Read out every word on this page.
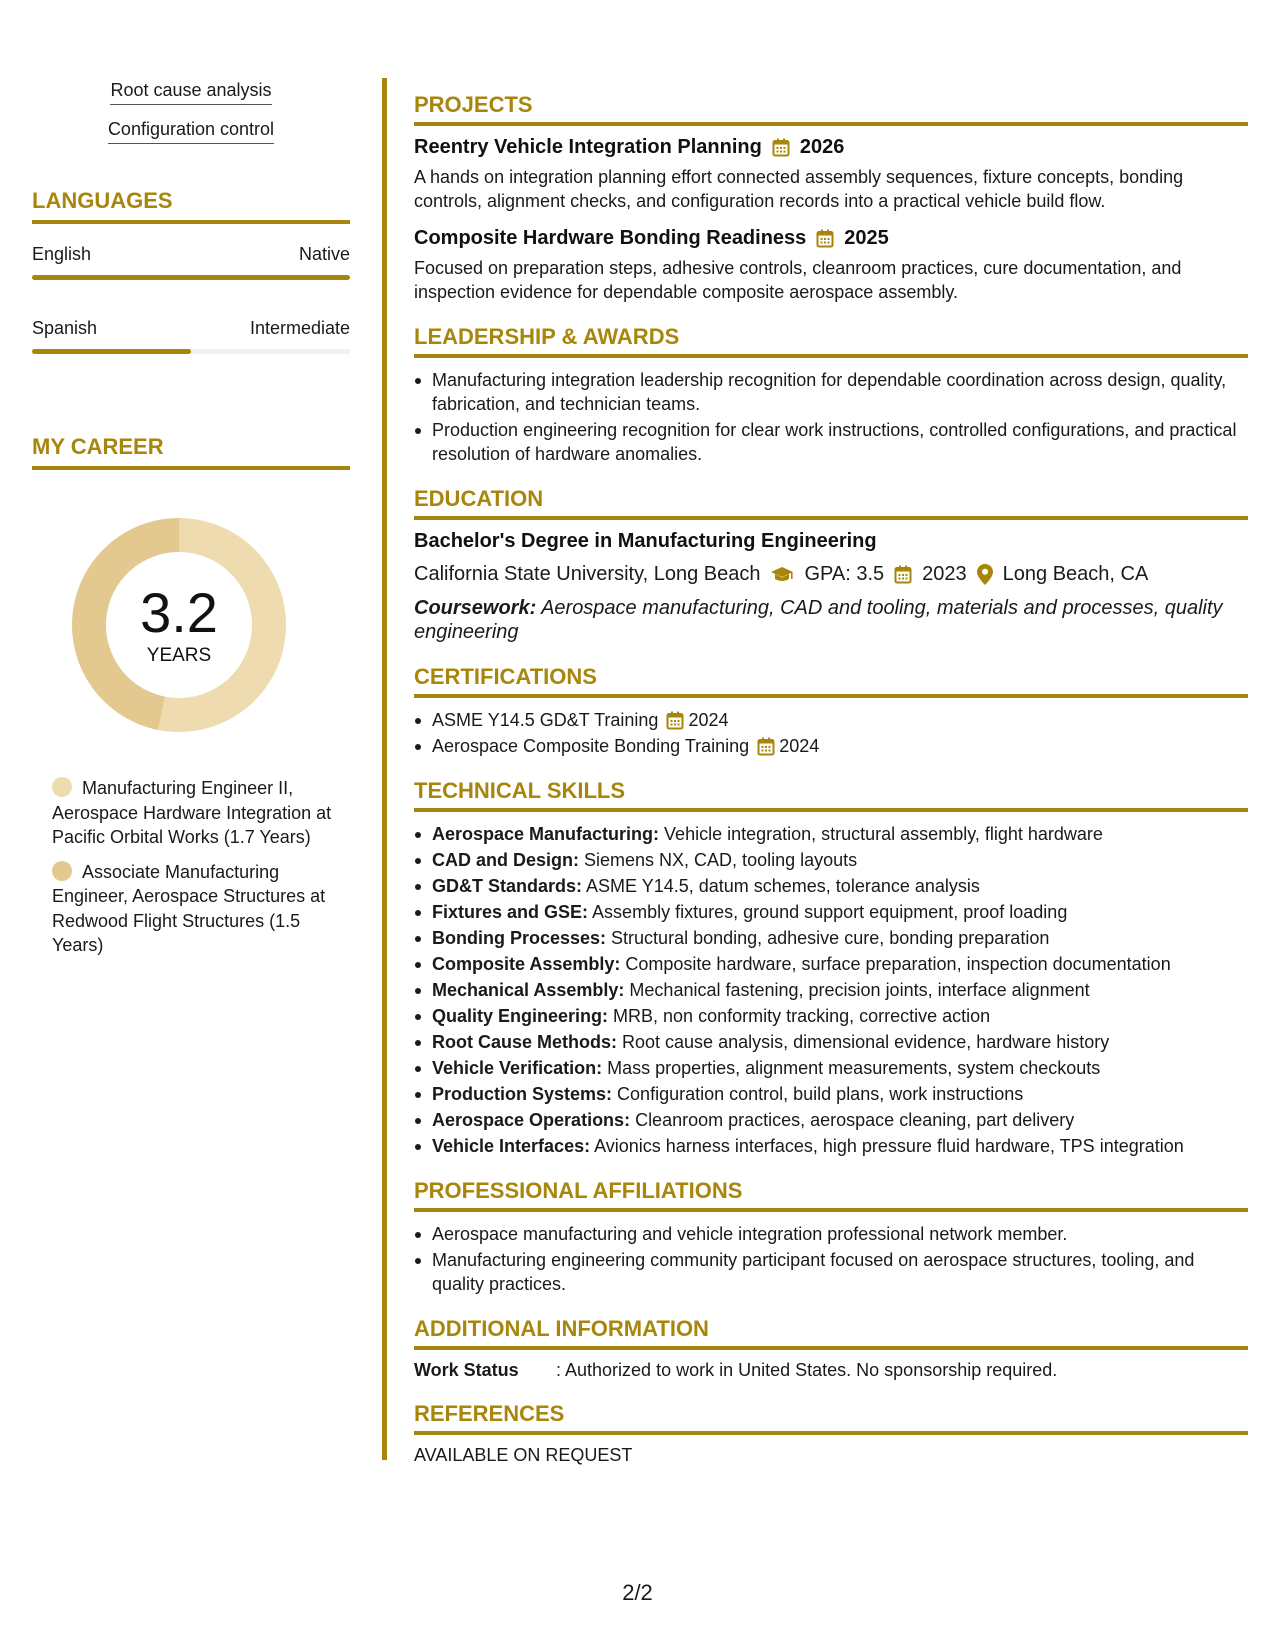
Root cause analysis
Configuration control
LANGUAGES
English	Native
Spanish	Intermediate
MY CAREER
3.2
YEARS
Manufacturing Engineer II, Aerospace Hardware Integration at Pacific Orbital Works (1.7 Years)
Associate Manufacturing Engineer, Aerospace Structures at Redwood Flight Structures (1.5 Years)
PROJECTS
Reentry Vehicle Integration Planning 2026
A hands on integration planning effort connected assembly sequences, fixture concepts, bonding controls, alignment checks, and configuration records into a practical vehicle build flow.
Composite Hardware Bonding Readiness 2025
Focused on preparation steps, adhesive controls, cleanroom practices, cure documentation, and inspection evidence for dependable composite aerospace assembly.
LEADERSHIP & AWARDS
Manufacturing integration leadership recognition for dependable coordination across design, quality, fabrication, and technician teams.
Production engineering recognition for clear work instructions, controlled configurations, and practical resolution of hardware anomalies.
EDUCATION
Bachelor's Degree in Manufacturing Engineering
California State University, Long Beach GPA: 3.5 2023 Long Beach, CA
Coursework: Aerospace manufacturing, CAD and tooling, materials and processes, quality engineering
CERTIFICATIONS
ASME Y14.5 GD&T Training 2024
Aerospace Composite Bonding Training 2024
TECHNICAL SKILLS
Aerospace Manufacturing: Vehicle integration, structural assembly, flight hardware
CAD and Design: Siemens NX, CAD, tooling layouts
GD&T Standards: ASME Y14.5, datum schemes, tolerance analysis
Fixtures and GSE: Assembly fixtures, ground support equipment, proof loading
Bonding Processes: Structural bonding, adhesive cure, bonding preparation
Composite Assembly: Composite hardware, surface preparation, inspection documentation
Mechanical Assembly: Mechanical fastening, precision joints, interface alignment
Quality Engineering: MRB, non conformity tracking, corrective action
Root Cause Methods: Root cause analysis, dimensional evidence, hardware history
Vehicle Verification: Mass properties, alignment measurements, system checkouts
Production Systems: Configuration control, build plans, work instructions
Aerospace Operations: Cleanroom practices, aerospace cleaning, part delivery
Vehicle Interfaces: Avionics harness interfaces, high pressure fluid hardware, TPS integration
PROFESSIONAL AFFILIATIONS
Aerospace manufacturing and vehicle integration professional network member.
Manufacturing engineering community participant focused on aerospace structures, tooling, and quality practices.
ADDITIONAL INFORMATION
Work Status	: Authorized to work in United States. No sponsorship required.
REFERENCES
AVAILABLE ON REQUEST
2/2
